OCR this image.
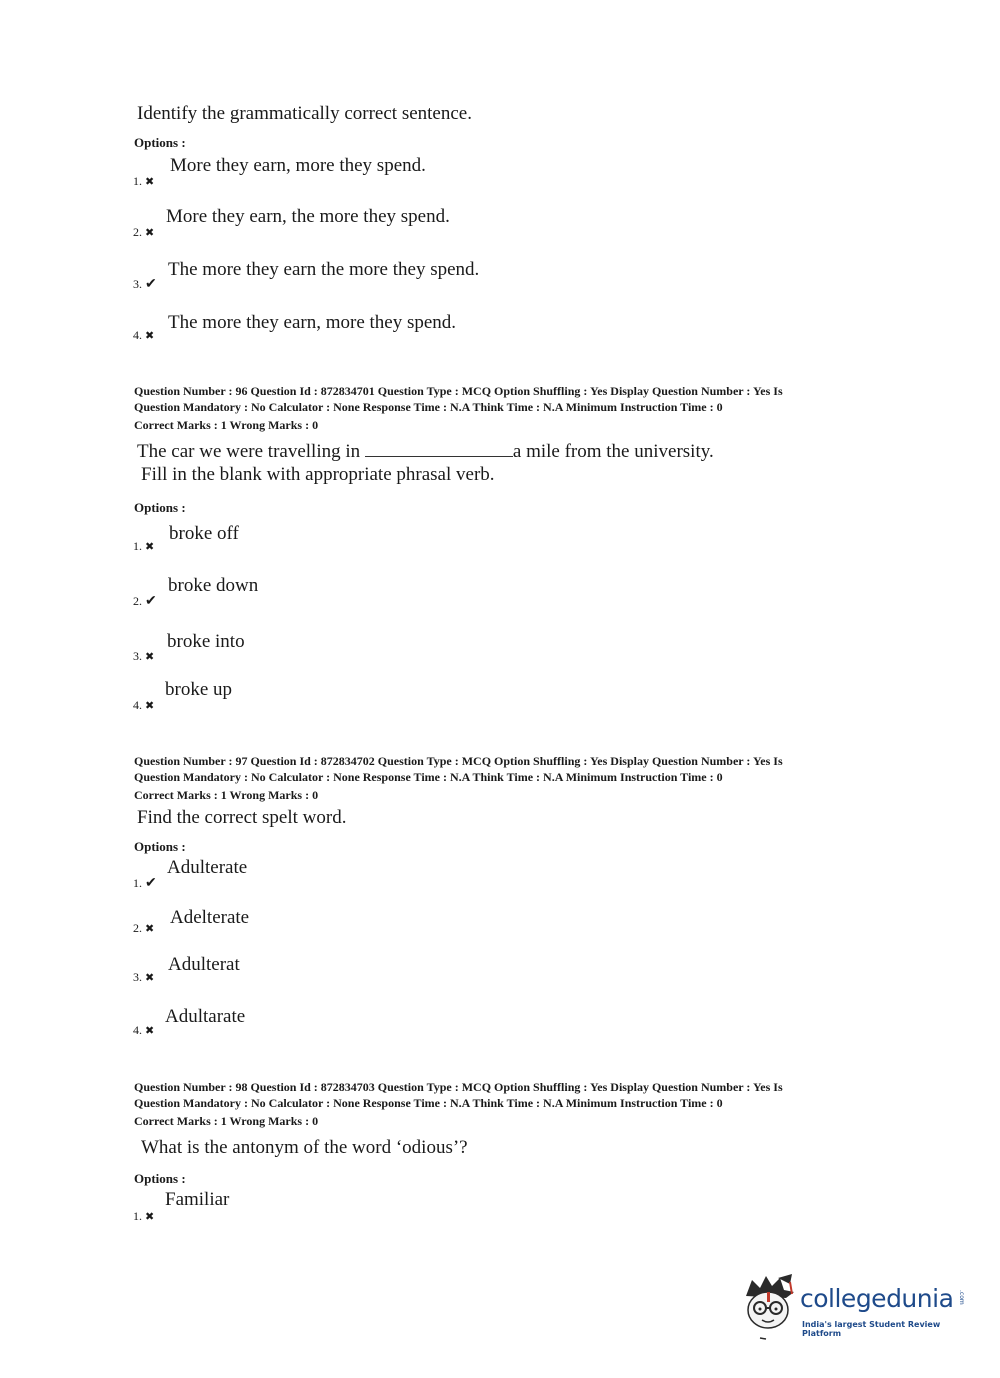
Identify the grammatically correct sentence.
Options :
1. ✖
More they earn, more they spend.
2. ✖
More they earn, the more they spend.
3. ✔
The more they earn the more they spend.
4. ✖
The more they earn, more they spend.
Question Number : 96 Question Id : 872834701 Question Type : MCQ Option Shuffling : Yes Display Question Number : Yes Is
Question Mandatory : No Calculator : None Response Time : N.A Think Time : N.A Minimum Instruction Time : 0
Correct Marks : 1 Wrong Marks : 0
The car we were travelling in	a mile from the university.
Fill in the blank with appropriate phrasal verb.
Options :
1. ✖
broke off
2. ✔
broke down
3. ✖
broke into
4. ✖
broke up
Question Number : 97 Question Id : 872834702 Question Type : MCQ Option Shuffling : Yes Display Question Number : Yes Is
Question Mandatory : No Calculator : None Response Time : N.A Think Time : N.A Minimum Instruction Time : 0
Correct Marks : 1 Wrong Marks : 0
Find the correct spelt word.
Options :
1. ✔
Adulterate
2. ✖
Adelterate
3. ✖
Adulterat
4. ✖
Adultarate
Question Number : 98 Question Id : 872834703 Question Type : MCQ Option Shuffling : Yes Display Question Number : Yes Is
Question Mandatory : No Calculator : None Response Time : N.A Think Time : N.A Minimum Instruction Time : 0
Correct Marks : 1 Wrong Marks : 0
What is the antonym of the word ‘odious’?
Options :
1. ✖
Familiar
collegedunia .com
India's largest Student Review Platform
